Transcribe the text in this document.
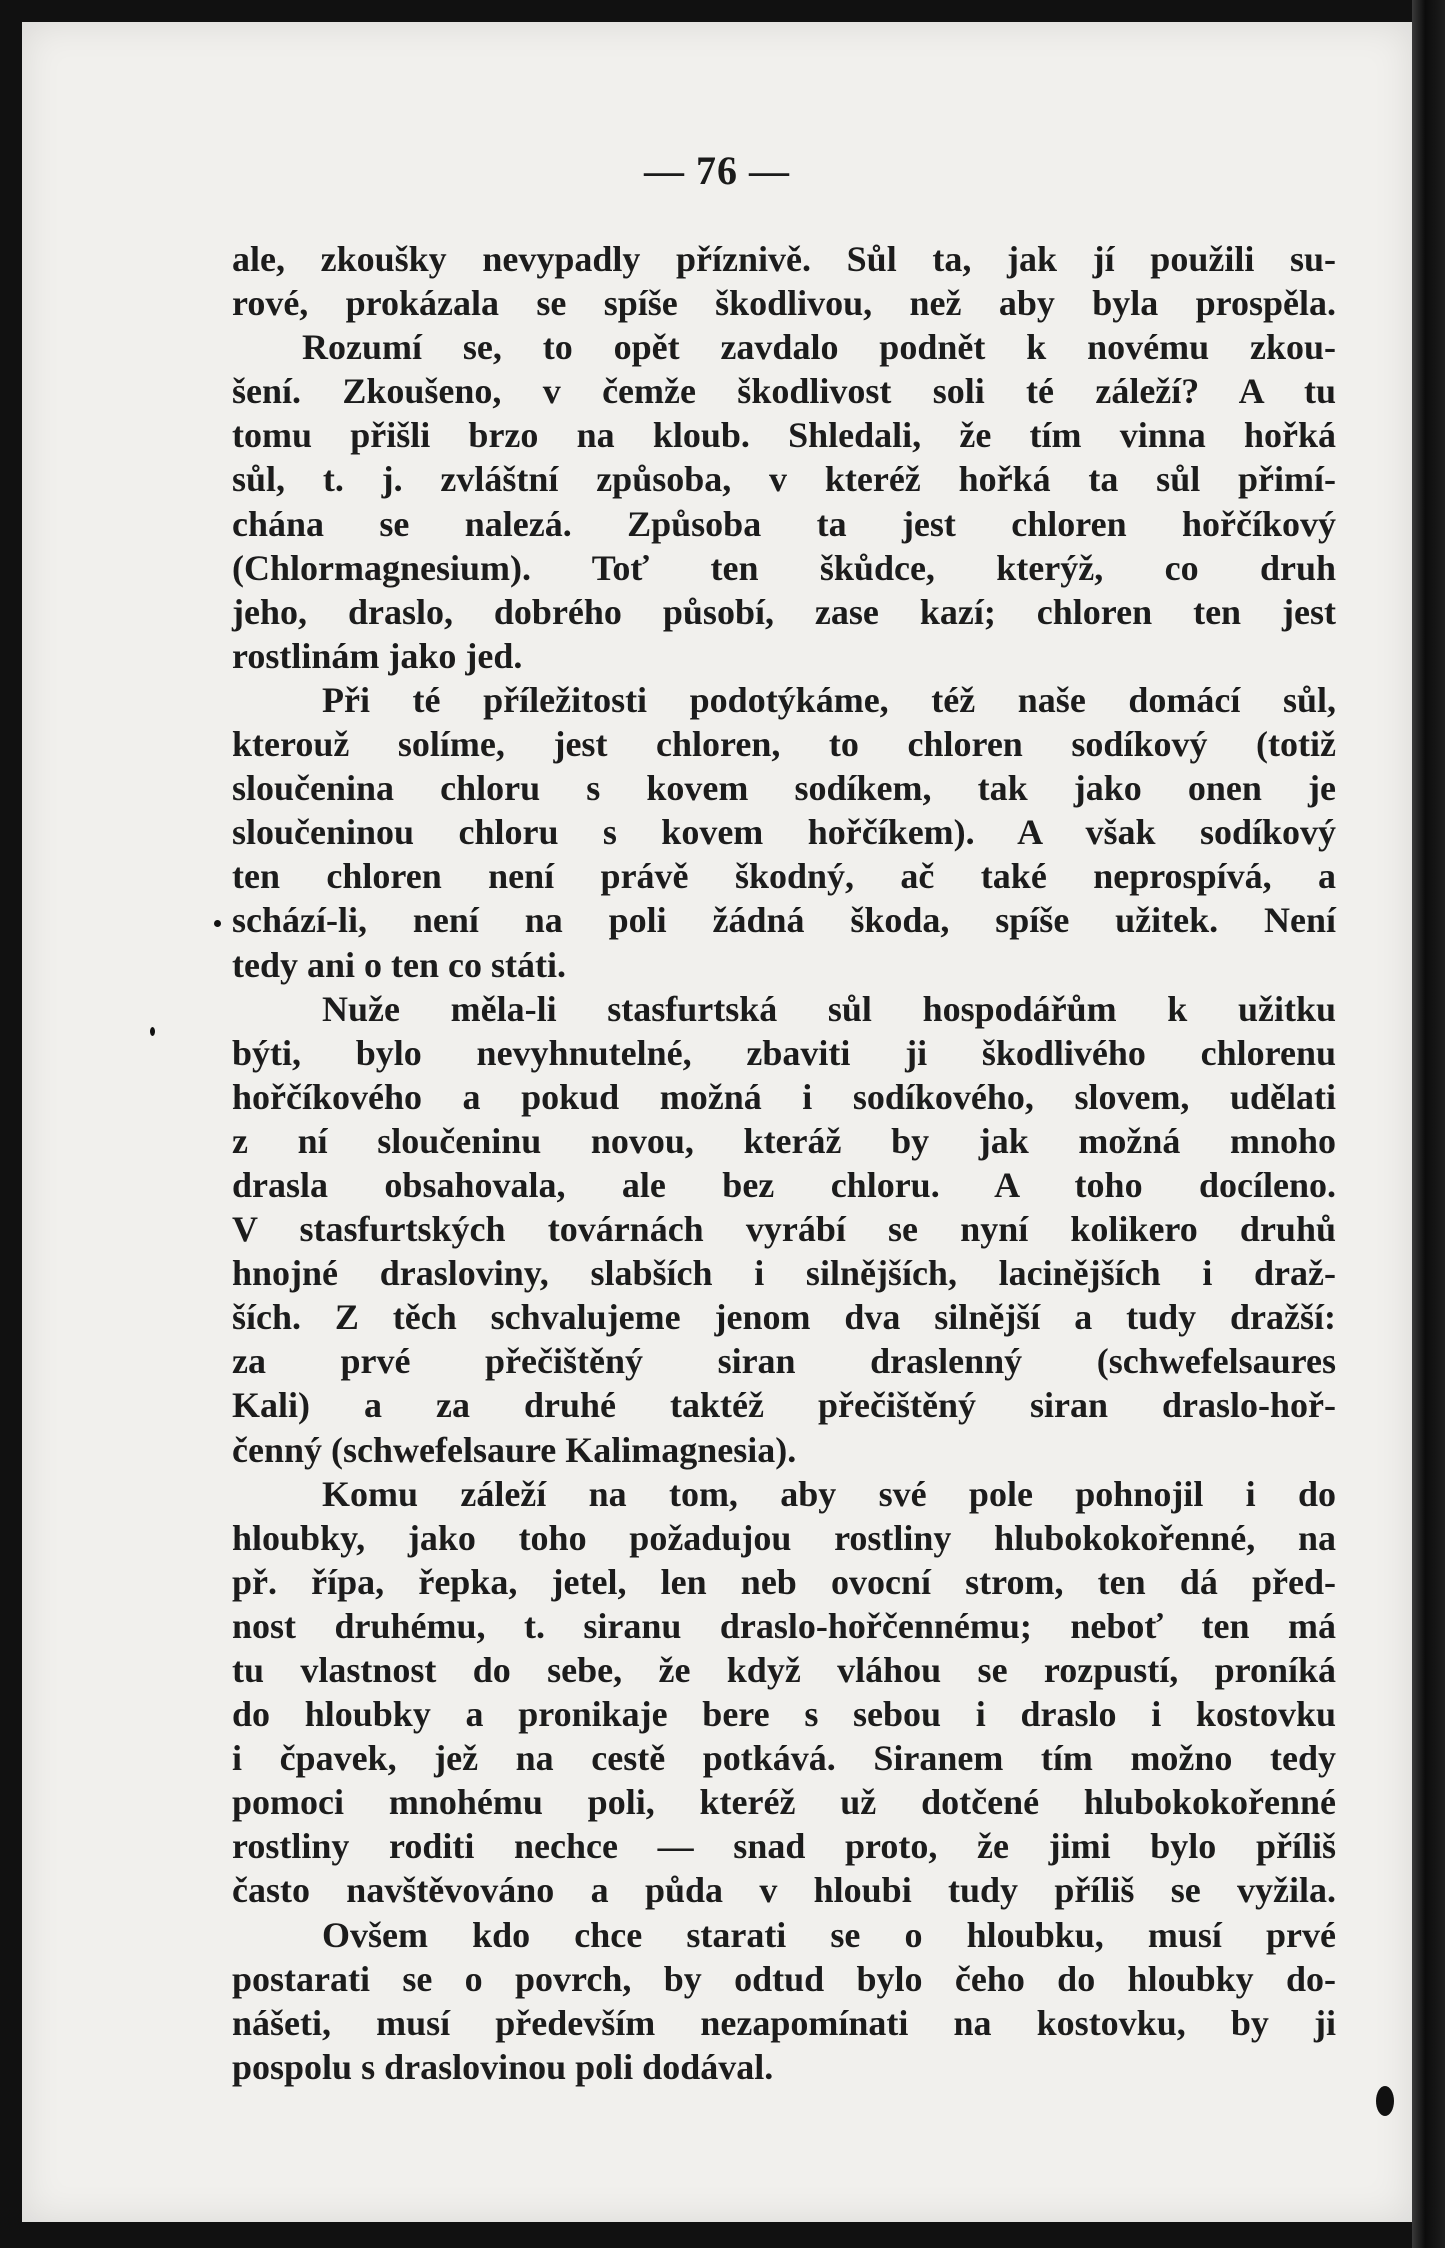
— 76 —
ale, zkoušky nevypadly příznivě. Sůl ta, jak jí použili su-
rové, prokázala se spíše škodlivou, než aby byla prospěla.
Rozumí se, to opět zavdalo podnět k novému zkou-
šení. Zkoušeno, v čemže škodlivost soli té záleží? A tu
tomu přišli brzo na kloub. Shledali, že tím vinna hořká
sůl, t. j. zvláštní způsoba, v kteréž hořká ta sůl přimí-
chána se nalezá. Způsoba ta jest chloren hořčíkový
(Chlormagnesium). Toť ten škůdce, kterýž, co druh
jeho, draslo, dobrého působí, zase kazí; chloren ten jest
rostlinám jako jed.
Při té příležitosti podotýkáme, též naše domácí sůl,
kterouž solíme, jest chloren, to chloren sodíkový (totiž
sloučenina chloru s kovem sodíkem, tak jako onen je
sloučeninou chloru s kovem hořčíkem). A však sodíkový
ten chloren není právě škodný, ač také neprospívá, a
schází-li, není na poli žádná škoda, spíše užitek. Není
tedy ani o ten co státi.
Nuže měla-li stasfurtská sůl hospodářům k užitku
býti, bylo nevyhnutelné, zbaviti ji škodlivého chlorenu
hořčíkového a pokud možná i sodíkového, slovem, udělati
z ní sloučeninu novou, kteráž by jak možná mnoho
drasla obsahovala, ale bez chloru. A toho docíleno.
V stasfurtských továrnách vyrábí se nyní kolikero druhů
hnojné drasloviny, slabších i silnějších, lacinějších i draž-
ších. Z těch schvalujeme jenom dva silnější a tudy dražší:
za prvé přečištěný siran draslenný (schwefelsaures
Kali) a za druhé taktéž přečištěný siran draslo-hoř-
čenný (schwefelsaure Kalimagnesia).
Komu záleží na tom, aby své pole pohnojil i do
hloubky, jako toho požadujou rostliny hlubokokořenné, na
př. řípa, řepka, jetel, len neb ovocní strom, ten dá před-
nost druhému, t. siranu draslo-hořčennému; neboť ten má
tu vlastnost do sebe, že když vláhou se rozpustí, proníká
do hloubky a pronikaje bere s sebou i draslo i kostovku
i čpavek, jež na cestě potkává. Siranem tím možno tedy
pomoci mnohému poli, kteréž už dotčené hlubokokořenné
rostliny roditi nechce — snad proto, že jimi bylo příliš
často navštěvováno a půda v hloubi tudy příliš se vyžila.
Ovšem kdo chce starati se o hloubku, musí prvé
postarati se o povrch, by odtud bylo čeho do hloubky do-
nášeti, musí především nezapomínati na kostovku, by ji
pospolu s draslovinou poli dodával.
